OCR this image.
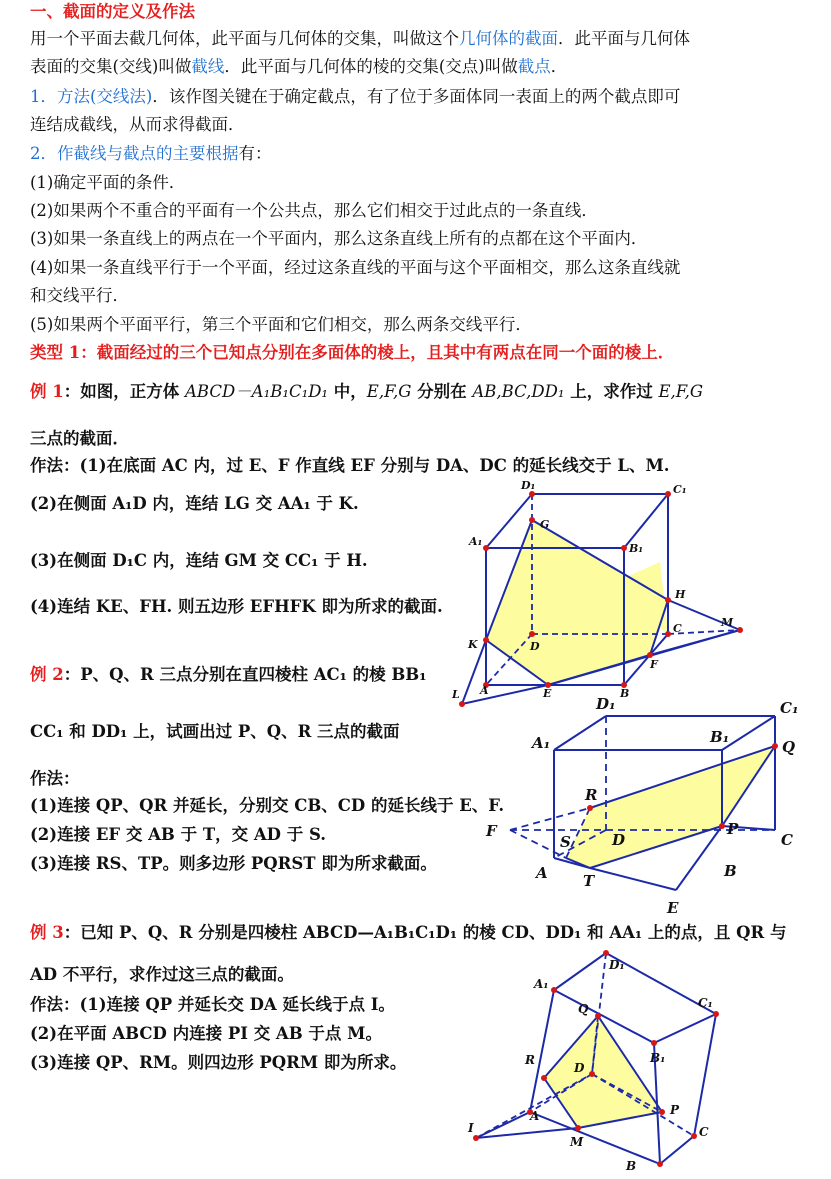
一、截面的定义及作法
用一个平面去截几何体，此平面与几何体的交集，叫做这个几何体的截面．此平面与几何体
表面的交集(交线)叫做截线．此平面与几何体的棱的交集(交点)叫做截点．
1．方法(交线法)．该作图关键在于确定截点，有了位于多面体同一表面上的两个截点即可
连结成截线，从而求得截面．
2．作截线与截点的主要根据有：
(1)确定平面的条件．
(2)如果两个不重合的平面有一个公共点，那么它们相交于过此点的一条直线．
(3)如果一条直线上的两点在一个平面内，那么这条直线上所有的点都在这个平面内．
(4)如果一条直线平行于一个平面，经过这条直线的平面与这个平面相交，那么这条直线就
和交线平行．
(5)如果两个平面平行，第三个平面和它们相交，那么两条交线平行．
类型 1：截面经过的三个已知点分别在多面体的棱上，且其中有两点在同一个面的棱上．
例 1：如图，正方体 ABCD－A₁B₁C₁D₁ 中，E,F,G 分别在 AB,BC,DD₁ 上，求作过 E,F,G
三点的截面．
作法：(1)在底面 AC 内，过 E、F 作直线 EF 分别与 DA、DC 的延长线交于 L、M.
(2)在侧面 A₁D 内，连结 LG 交 AA₁ 于 K.
(3)在侧面 D₁C 内，连结 GM 交 CC₁ 于 H.
(4)连结 KE、FH. 则五边形 EFHFK 即为所求的截面.
例 2：P、Q、R 三点分别在直四棱柱 AC₁ 的棱 BB₁
CC₁ 和 DD₁ 上，试画出过 P、Q、R 三点的截面
作法：
(1)连接 QP、QR 并延长，分别交 CB、CD 的延长线于 E、F.
(2)连接 EF 交 AB 于 T，交 AD 于 S.
(3)连接 RS、TP。则多边形 PQRST 即为所求截面。
例 3：已知 P、Q、R 分别是四棱柱 ABCD—A₁B₁C₁D₁ 的棱 CD、DD₁ 和 AA₁ 上的点，且 QR 与
AD 不平行，求作过这三点的截面。
作法：(1)连接 QP 并延长交 DA 延长线于点 I。
(2)在平面 ABCD 内连接 PI 交 AB 于点 M。
(3)连接 QP、RM。则四边形 PQRM 即为所求。
D₁	C₁
A₁
B₁
G
H
M
C
K	D
F
L A	E	B
D₁	C₁
A₁	B₁
Q
R
F	P
C
S	D
A T
B
E
D₁
A₁
C₁
Q
B₁
R
D
P
I
A
M
C
B
